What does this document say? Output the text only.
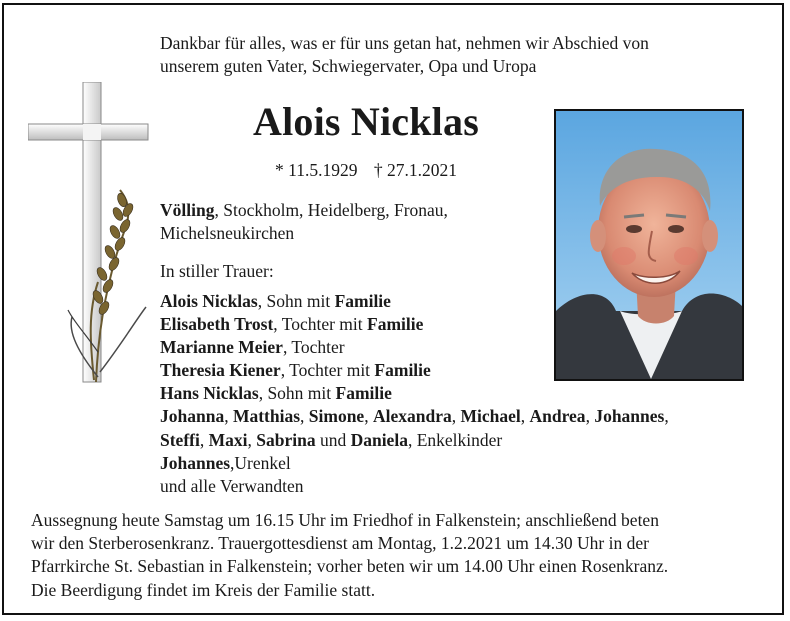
Dankbar für alles, was er für uns getan hat, nehmen wir Abschied von
unserem guten Vater, Schwiegervater, Opa und Uropa
Alois Nicklas
* 11.5.1929 † 27.1.2021
Völling, Stockholm, Heidelberg, Fronau,
Michelsneukirchen
In stiller Trauer:
Alois Nicklas, Sohn mit Familie
Elisabeth Trost, Tochter mit Familie
Marianne Meier, Tochter
Theresia Kiener, Tochter mit Familie
Hans Nicklas, Sohn mit Familie
Johanna, Matthias, Simone, Alexandra, Michael, Andrea, Johannes,
Steffi, Maxi, Sabrina und Daniela, Enkelkinder
Johannes,Urenkel
und alle Verwandten
Aussegnung heute Samstag um 16.15 Uhr im Friedhof in Falkenstein; anschließend beten
wir den Sterberosenkranz. Trauergottesdienst am Montag, 1.2.2021 um 14.30 Uhr in der
Pfarrkirche St. Sebastian in Falkenstein; vorher beten wir um 14.00 Uhr einen Rosenkranz.
Die Beerdigung findet im Kreis der Familie statt.
